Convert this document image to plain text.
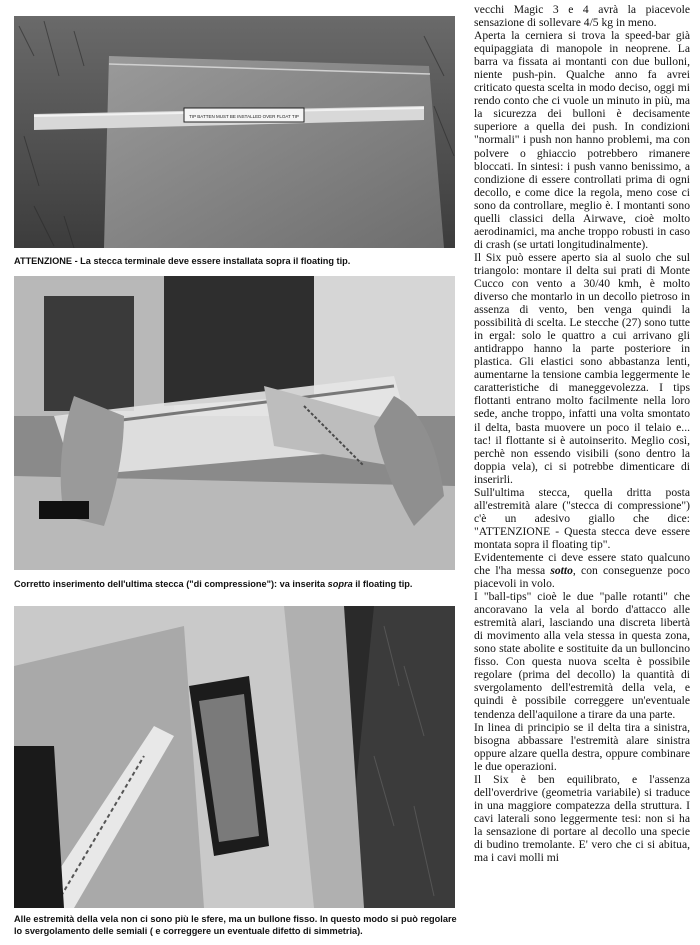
TIP BATTEN MUST BE INSTALLED OVER FLOAT TIP
ATTENZIONE - La stecca terminale deve essere installata sopra il floating tip.
Corretto inserimento dell'ultima stecca ("di compressione"): va inserita sopra il floating tip.
Alle estremità della vela non ci sono più le sfere, ma un bullone fisso. In questo modo si può regolare lo svergolamento delle semiali ( e correggere un eventuale difetto di simmetria).

vecchi Magic 3 e 4 avrà la piacevole sensazione di sollevare 4/5 kg in meno.

Aperta la cerniera si trova la speed-bar già equipaggiata di manopole in neoprene. La barra va fissata ai montanti con due bulloni, niente push-pin. Qualche anno fa avrei criticato questa scelta in modo deciso, oggi mi rendo conto che ci vuole un minuto in più, ma la sicurezza dei bulloni è decisamente superiore a quella dei push. In condizioni "normali" i push non hanno problemi, ma con polvere o ghiaccio potrebbero rimanere bloccati. In sintesi: i push vanno benissimo, a condizione di essere controllati prima di ogni decollo, e come dice la regola, meno cose ci sono da controllare, meglio è. I montanti sono quelli classici della Airwave, cioè molto aerodinamici, ma anche troppo robusti in caso di crash (se urtati longitudinalmente).

Il Six può essere aperto sia al suolo che sul triangolo: montare il delta sui prati di Monte Cucco con vento a 30/40 kmh, è molto diverso che montarlo in un decollo pietroso in assenza di vento, ben venga quindi la possibilità di scelta. Le stecche (27) sono tutte in ergal: solo le quattro a cui arrivano gli antidrappo hanno la parte posteriore in plastica. Gli elastici sono abbastanza lenti, aumentarne la tensione cambia leggermente le caratteristiche di maneggevolezza. I tips flottanti entrano molto facilmente nella loro sede, anche troppo, infatti una volta smontato il delta, basta muovere un poco il telaio e... tac! il flottante si è autoinserito. Meglio così, perchè non essendo visibili (sono dentro la doppia vela), ci si potrebbe dimenticare di inserirli.

Sull'ultima stecca, quella dritta posta all'estremità alare ("stecca di compressione") c'è un adesivo giallo che dice: "ATTENZIONE - Questa stecca deve essere montata sopra il floating tip".

Evidentemente ci deve essere stato qualcuno che l'ha messa sotto, con conseguenze poco piacevoli in volo.

I "ball-tips" cioè le due "palle rotanti" che ancoravano la vela al bordo d'attacco alle estremità alari, lasciando una discreta libertà di movimento alla vela stessa in questa zona, sono state abolite e sostituite da un bulloncino fisso. Con questa nuova scelta è possibile regolare (prima del decollo) la quantità di svergolamento dell'estremità della vela, e quindi è possibile correggere un'eventuale tendenza dell'aquilone a tirare da una parte.

In linea di principio se il delta tira a sinistra, bisogna abbassare l'estremità alare sinistra oppure alzare quella destra, oppure combinare le due operazioni.

Il Six è ben equilibrato, e l'assenza dell'overdrive (geometria variabile) si traduce in una maggiore compatezza della struttura. I cavi laterali sono leggermente tesi: non si ha la sensazione di portare al decollo una specie di budino tremolante. E' vero che ci si abitua, ma i cavi molli mi
